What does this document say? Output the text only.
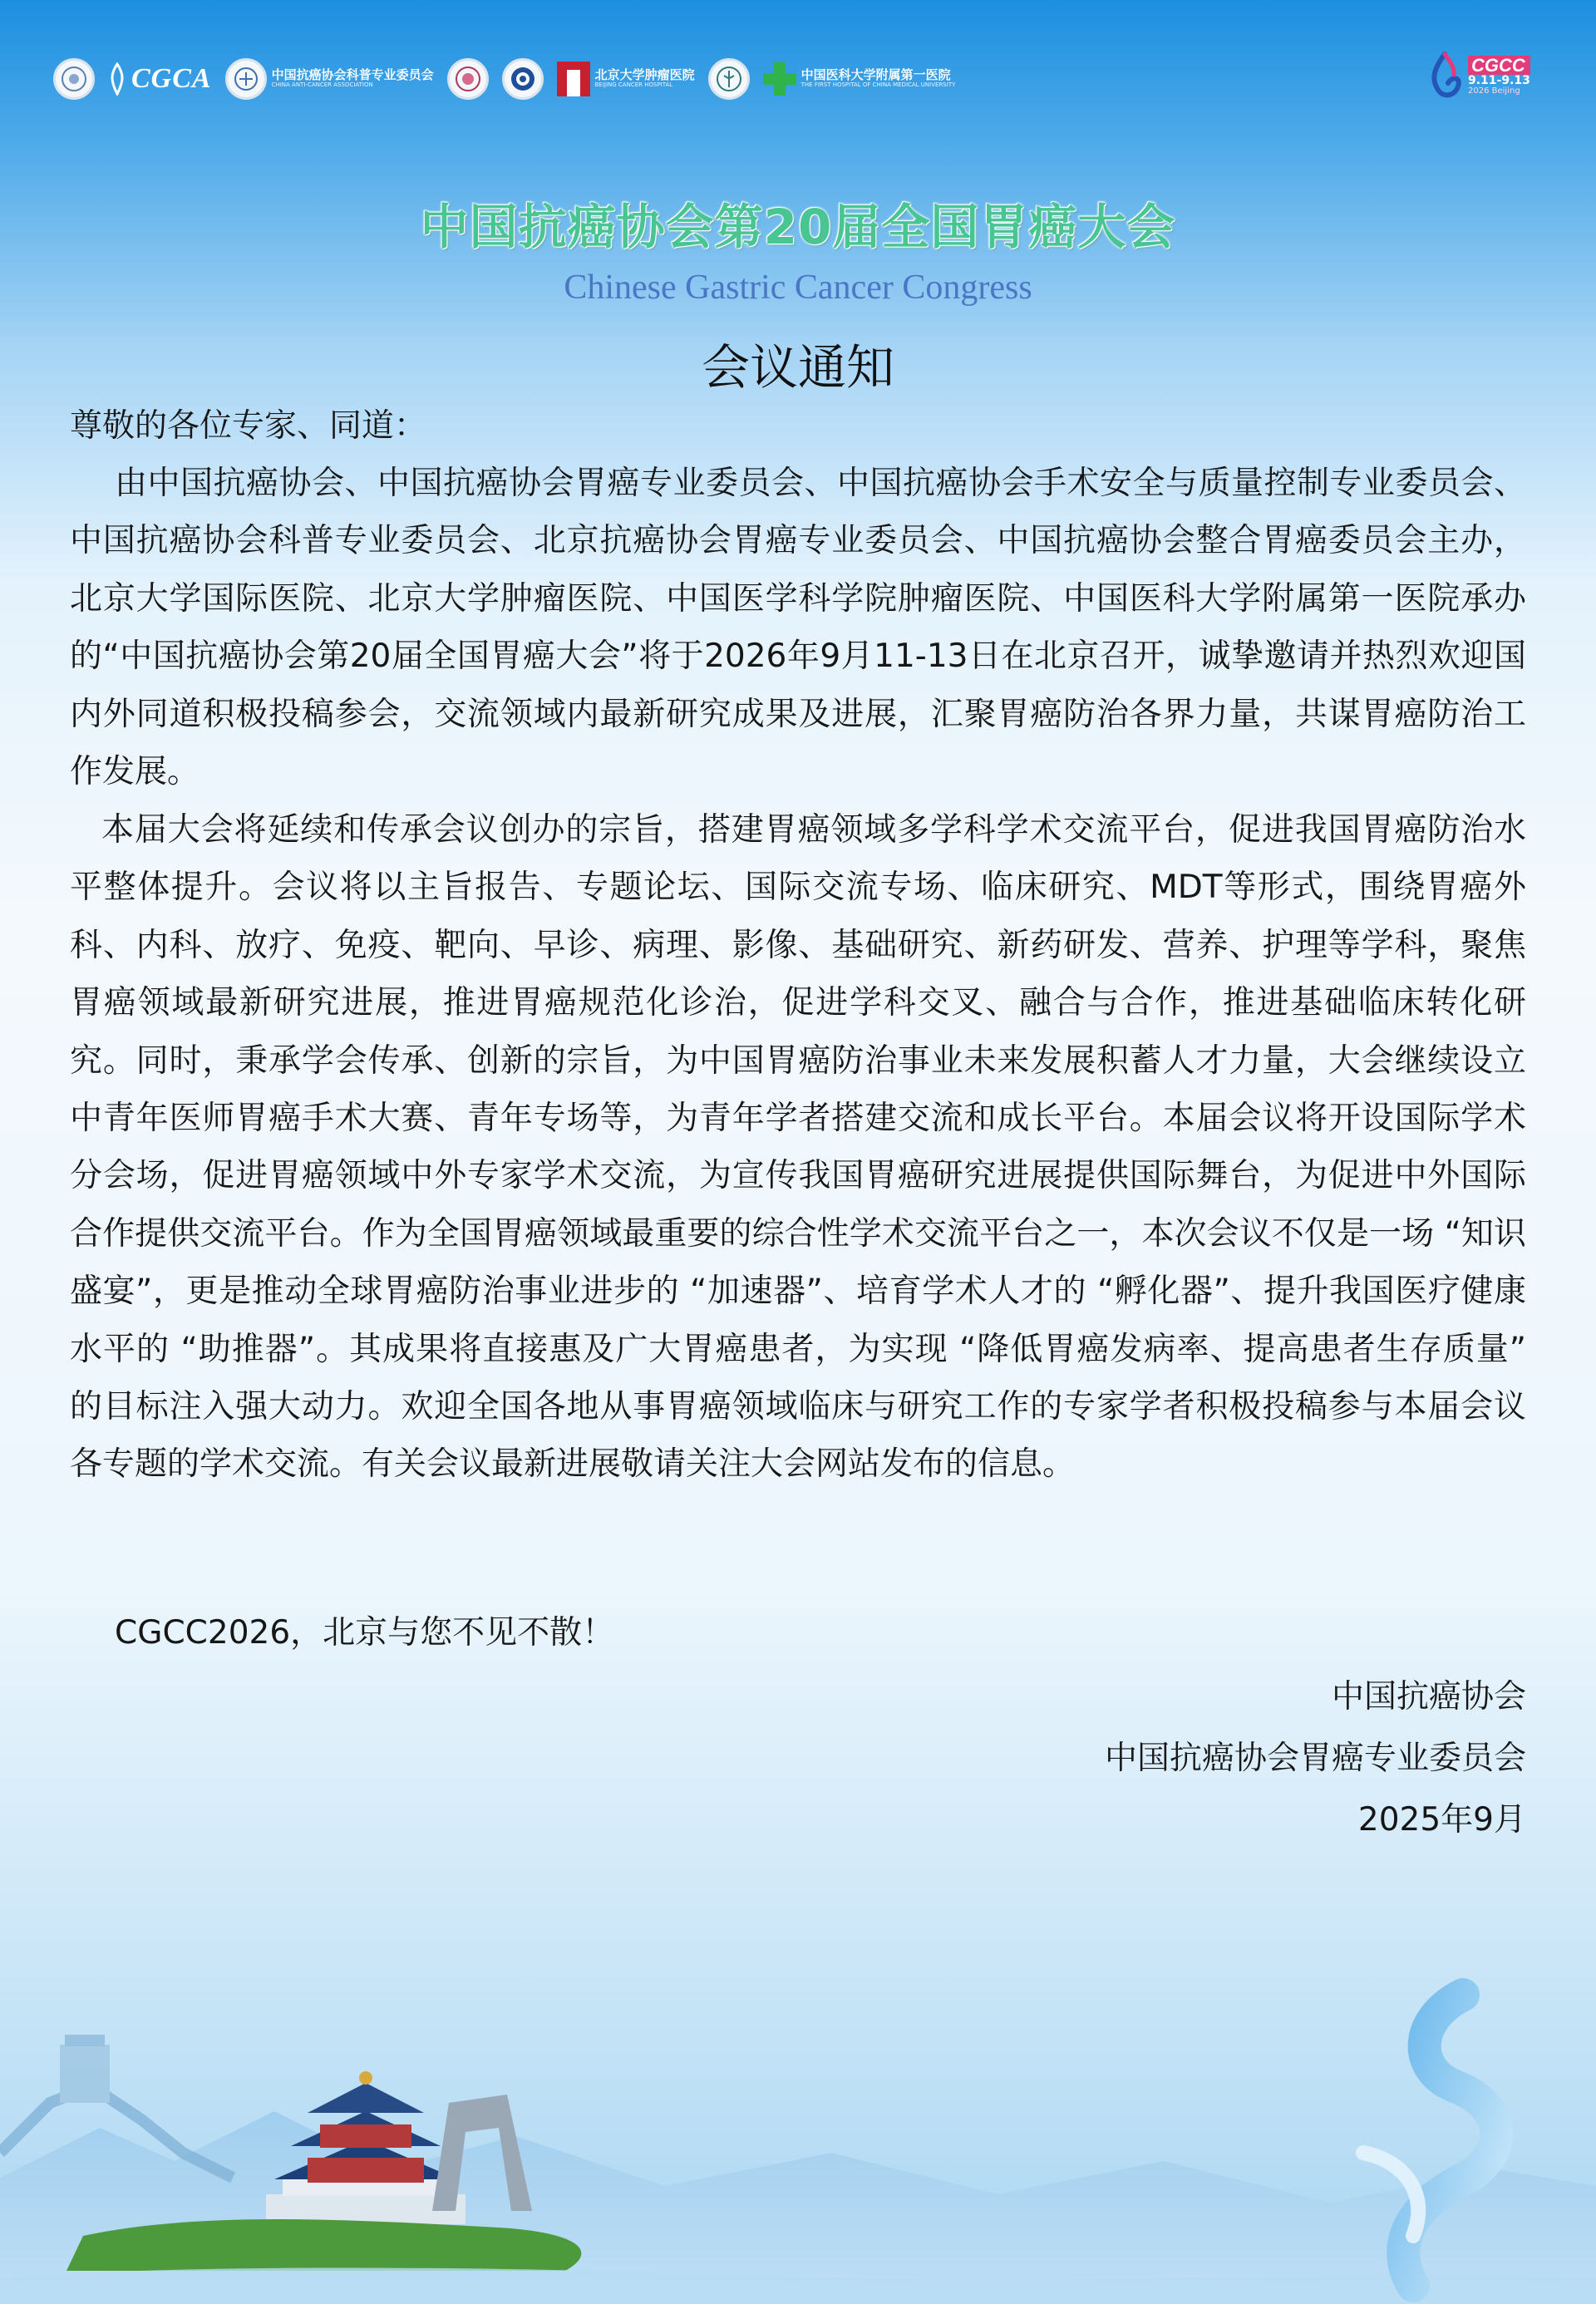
CGCA	中国抗癌协会科普专业委员会
CHINA ANTI-CANCER ASSOCIATION
北京大学肿瘤医院
BEIJING CANCER HOSPITAL
中国医科大学附属第一医院
THE FIRST HOSPITAL OF CHINA MEDICAL UNIVERSITY
CGCC
9.11-9.13
2026 Beijing
中国抗癌协会第20届全国胃癌大会
Chinese Gastric Cancer Congress
会议通知
尊敬的各位专家、同道：
由中国抗癌协会、中国抗癌协会胃癌专业委员会、中国抗癌协会手术安全与质量控制专业委员会、中国抗癌协会科普专业委员会、北京抗癌协会胃癌专业委员会、中国抗癌协会整合胃癌委员会主办，北京大学国际医院、北京大学肿瘤医院、中国医学科学院肿瘤医院、中国医科大学附属第一医院承办的“中国抗癌协会第20届全国胃癌大会”将于2026年9月11-13日在北京召开，诚挚邀请并热烈欢迎国内外同道积极投稿参会，交流领域内最新研究成果及进展，汇聚胃癌防治各界力量，共谋胃癌防治工作发展。
本届大会将延续和传承会议创办的宗旨，搭建胃癌领域多学科学术交流平台，促进我国胃癌防治水平整体提升。会议将以主旨报告、专题论坛、国际交流专场、临床研究、MDT等形式，围绕胃癌外科、内科、放疗、免疫、靶向、早诊、病理、影像、基础研究、新药研发、营养、护理等学科，聚焦胃癌领域最新研究进展，推进胃癌规范化诊治，促进学科交叉、融合与合作，推进基础临床转化研究。同时，秉承学会传承、创新的宗旨，为中国胃癌防治事业未来发展积蓄人才力量，大会继续设立中青年医师胃癌手术大赛、青年专场等，为青年学者搭建交流和成长平台。本届会议将开设国际学术分会场，促进胃癌领域中外专家学术交流，为宣传我国胃癌研究进展提供国际舞台，为促进中外国际合作提供交流平台。作为全国胃癌领域最重要的综合性学术交流平台之一，本次会议不仅是一场 “知识盛宴”，更是推动全球胃癌防治事业进步的 “加速器”、培育学术人才的 “孵化器”、提升我国医疗健康水平的 “助推器”。其成果将直接惠及广大胃癌患者，为实现 “降低胃癌发病率、提高患者生存质量” 的目标注入强大动力。欢迎全国各地从事胃癌领域临床与研究工作的专家学者积极投稿参与本届会议各专题的学术交流。有关会议最新进展敬请关注大会网站发布的信息。
CGCC2026，北京与您不见不散！
中国抗癌协会
中国抗癌协会胃癌专业委员会
2025年9月
